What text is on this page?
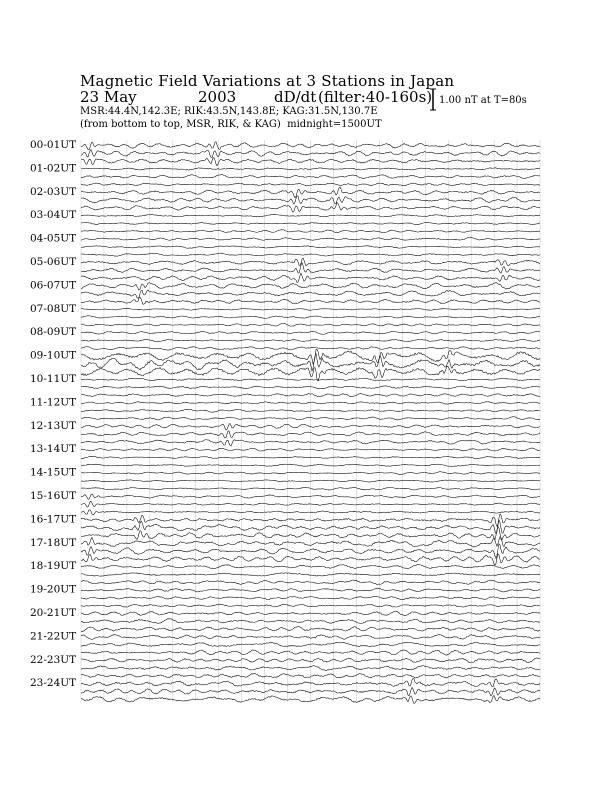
Magnetic Field Variations at 3 Stations in Japan
23 May	2003	dD/dt (filter:40-160s)
MSR:44.4N,142.3E; RIK:43.5N,143.8E; KAG:31.5N,130.7E
(from bottom to top, MSR, RIK, & KAG) midnight=1500UT
1.00 nT at T=80s
00-01UT
01-02UT
02-03UT
03-04UT
04-05UT
05-06UT
06-07UT
07-08UT
08-09UT
09-10UT
10-11UT
11-12UT
12-13UT
13-14UT
14-15UT
15-16UT
16-17UT
17-18UT
18-19UT
19-20UT
20-21UT
21-22UT
22-23UT
23-24UT
